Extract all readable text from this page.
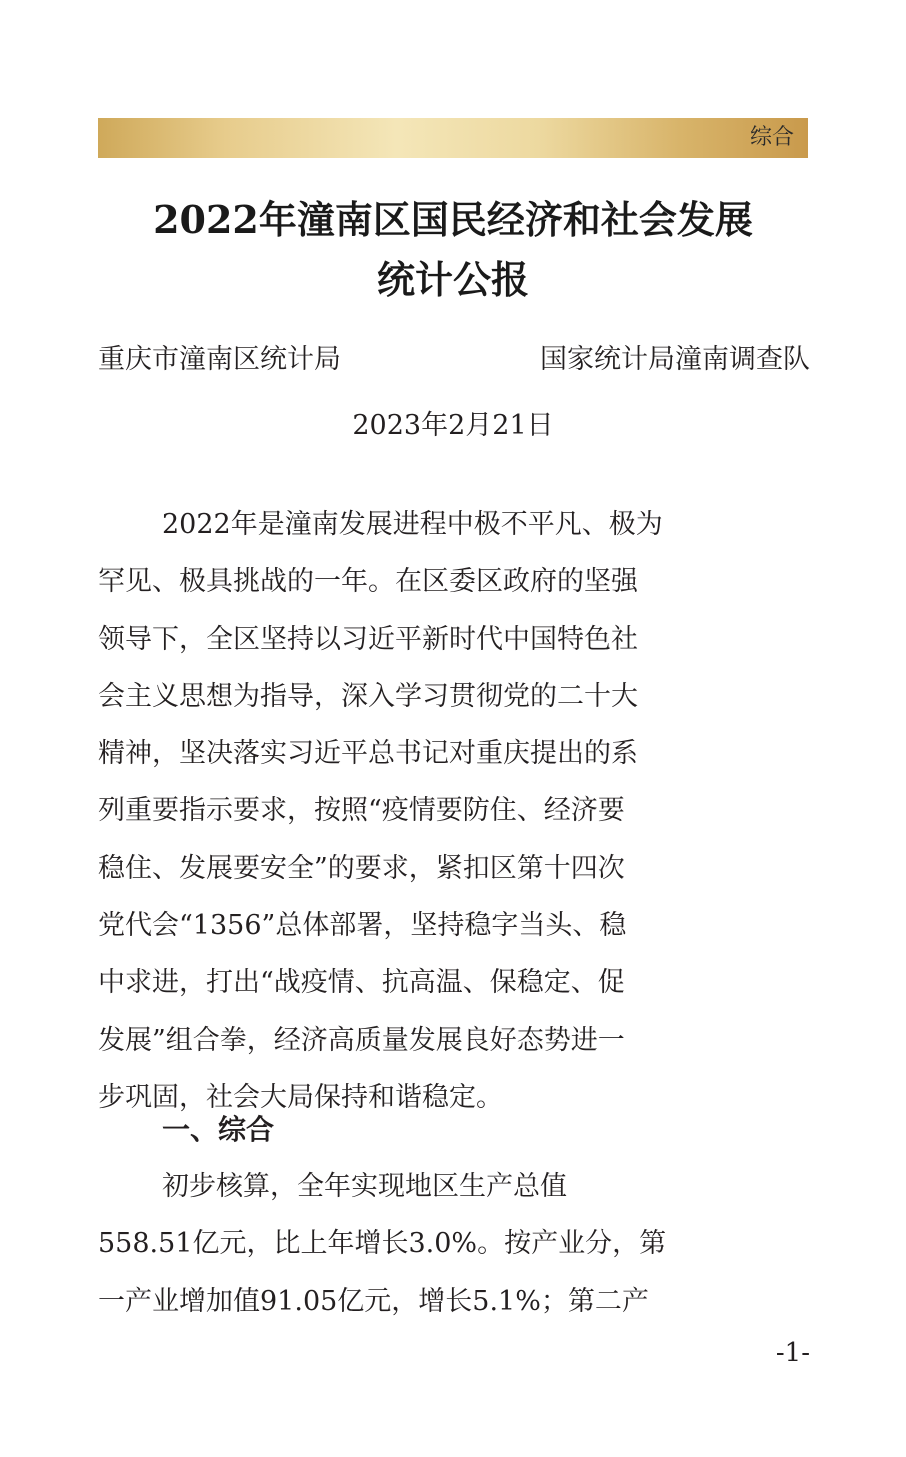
综合
2022年潼南区国民经济和社会发展
统计公报
重庆市潼南区统计局	国家统计局潼南调查队
2023年2月21日
2022年是潼南发展进程中极不平凡、极为
罕见、极具挑战的一年。在区委区政府的坚强
领导下，全区坚持以习近平新时代中国特色社
会主义思想为指导，深入学习贯彻党的二十大
精神，坚决落实习近平总书记对重庆提出的系
列重要指示要求，按照“疫情要防住、经济要
稳住、发展要安全”的要求，紧扣区第十四次
党代会“1356”总体部署，坚持稳字当头、稳
中求进，打出“战疫情、抗高温、保稳定、促
发展”组合拳，经济高质量发展良好态势进一
步巩固，社会大局保持和谐稳定。
一、综合
初步核算，全年实现地区生产总值
558.51亿元，比上年增长3.0%。按产业分，第
一产业增加值91.05亿元，增长5.1%；第二产
-1-
